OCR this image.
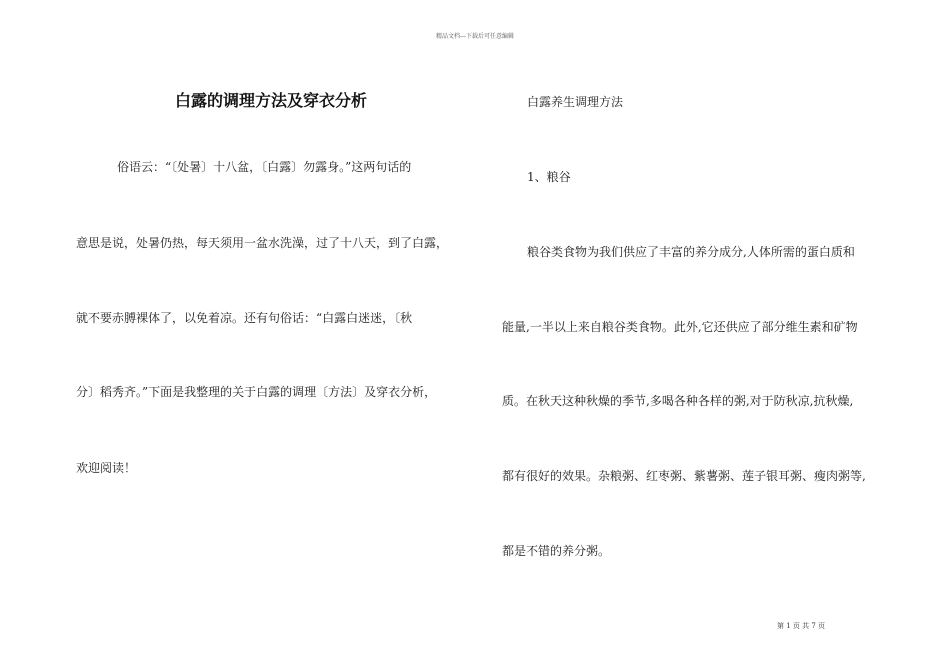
精品文档---下载后可任意编辑
白露的调理方法及穿衣分析
俗语云：“〔处暑〕十八盆，〔白露〕勿露身。”这两句话的
意思是说，处暑仍热，每天须用一盆水洗澡，过了十八天，到了白露，
就不要赤膊裸体了，以免着凉。还有句俗话：“白露白迷迷，〔秋
分〕稻秀齐。”下面是我整理的关于白露的调理〔方法〕及穿衣分析，
欢迎阅读！
白露养生调理方法
1、粮谷
粮谷类食物为我们供应了丰富的养分成分,人体所需的蛋白质和
能量,一半以上来自粮谷类食物。此外,它还供应了部分维生素和矿物
质。在秋天这种秋燥的季节,多喝各种各样的粥,对于防秋凉,抗秋燥,
都有很好的效果。杂粮粥、红枣粥、紫薯粥、莲子银耳粥、瘦肉粥等,
都是不错的养分粥。
第 1 页 共 7 页
